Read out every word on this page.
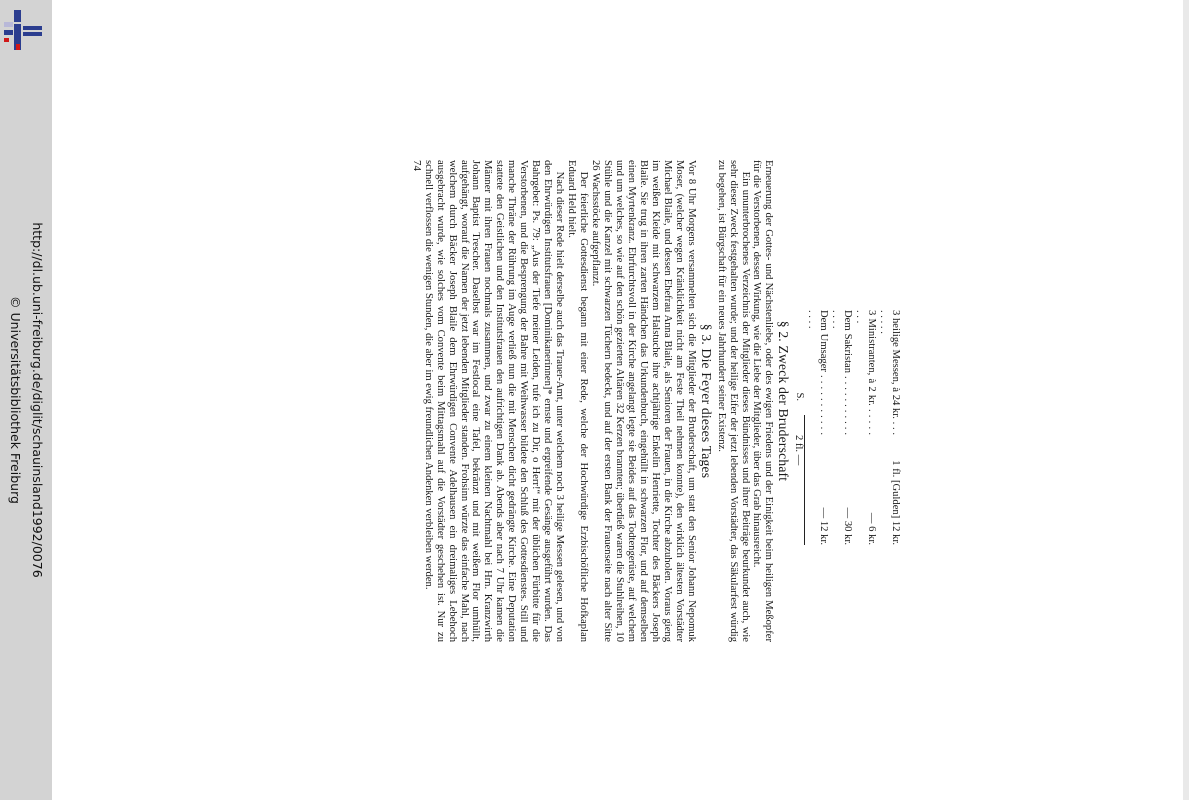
http://dl.ub.uni-freiburg.de/diglit/schauinsland1992/0076
© Universitätsbibliothek Freiburg	3 heilige Messen, à 24 kr. . . . . . . . .
1 fl. [Gulden] 12 kr.
3 Ministranten, à 2 kr. . . . . . . . .
— 6 kr.
Dem Sakristan . . . . . . . . . . . . . . .
— 30 kr.
Dem Umsager . . . . . . . . . . . . . . .
— 12 kr.
S.
2 fl. —

§ 2. Zweck der Bruderschaft

Erneuerung der Gottes- und Nächstenliebe, oder des ewigen Friedens und der Einigkeit beim heiligen Meßopfer für die Verstorbenen, dessen Wirkung, wie die Liebe der Mitglieder, über das Grab hinausreicht.

Ein ununterbrochenes Verzeichnis der Mitglieder dieses Bündnisses und ihrer Beiträge beurkundet auch, wie sehr dieser Zweck festgehalten wurde; und der heilige Eifer der jetzt lebenden Vorstädter, das Säkularfest würdig zu begehen, ist Bürgschaft für ein neues Jahrhundert seiner Existenz.

§ 3. Die Feyer dieses Tages

Vor 8 Uhr Morgens versammelten sich die Mitglieder der Bruderschaft, um statt den Senior Johann Nepomuk Moser, (welcher wegen Kränklichkeit nicht am Feste Theil nehmen konnte), den wirklich ältesten Vorstädter Michael Blaile, und dessen Ehefrau Anna Blaile, als Senioren der Frauen, in die Kirche abzuholen. Voraus gieng im weißen Kleide mit schwarzem Halstuche ihre achtjährige Enkelin Henriette, Tochter des Bäckers Joseph Blaile. Sie trug in ihren zarten Händchen das Urkundenbuch, eingehüllt in schwarzen Flor, und auf demselben einen Myrtenkranz. Ehrfurchtsvoll in der Kirche angelangt legte sie Beides auf das Todtengerüste, auf welchem und um welches, so wie auf den schön gezierten Altären 32 Kerzen brannten; überdieß waren die Stuhlreihen, 10 Stühle und die Kanzel mit schwarzen Tüchern bedeckt, und auf der ersten Bank der Frauenseite nach alter Sitte 26 Wachsstöcke aufgepflanzt.

Der feierliche Gottesdienst begann mit einer Rede, welche der Hochwürdige Erzbischöfliche Hofkaplan Eduard Held hielt.

Nach dieser Rede hielt derselbe auch das Trauer-Amt, unter welchem noch 3 heilige Messen gelesen, und von den Ehrwürdigen Institutsfrauen [Dominikanerinnen]* ernste und ergreifende Gesänge ausgeführt wurden. Das Bahrgebet: Ps. 79: „Aus der Tiefe meiner Leiden, rufe ich zu Dir, o Herr!“ mit der üblichen Fürbitte für die Verstorbenen, und die Besprengung der Bahre mit Weihwasser bildete den Schluß des Gottesdienstes. Still und manche Thräne der Rührung im Auge verließ nun die mit Menschen dicht gedrängte Kirche. Eine Deputation stattete den Geistlichen und den Institutsfrauen den aufrichtigen Dank ab. Abends aber nach 7 Uhr kamen die Männer mit ihren Frauen nochmals zusammen, und zwar zu einem kleinen Nachtmahl bei Hrn. Kranzwirth Johann Baptist Trescher. Daselbst war im Festlocal eine Tafel, bekränzt und mit weißem Flor umhüllt, aufgehängt, worauf die Namen der jetzt lebenden Mitglieder standen. Frohsinn würzte das einfache Mahl, nach welchem durch Bäcker Joseph Blaile dem Ehrwürdigen Convente Adelhausen ein dreimaliges Lebehoch ausgebracht wurde, wie solches vom Convente beim Mittagsmahl auf die Vorstädter geschehen ist. Nur zu schnell verflossen die wenigen Stunden, die aber im ewig freundlichen Andenken verbleiben werden.

74
